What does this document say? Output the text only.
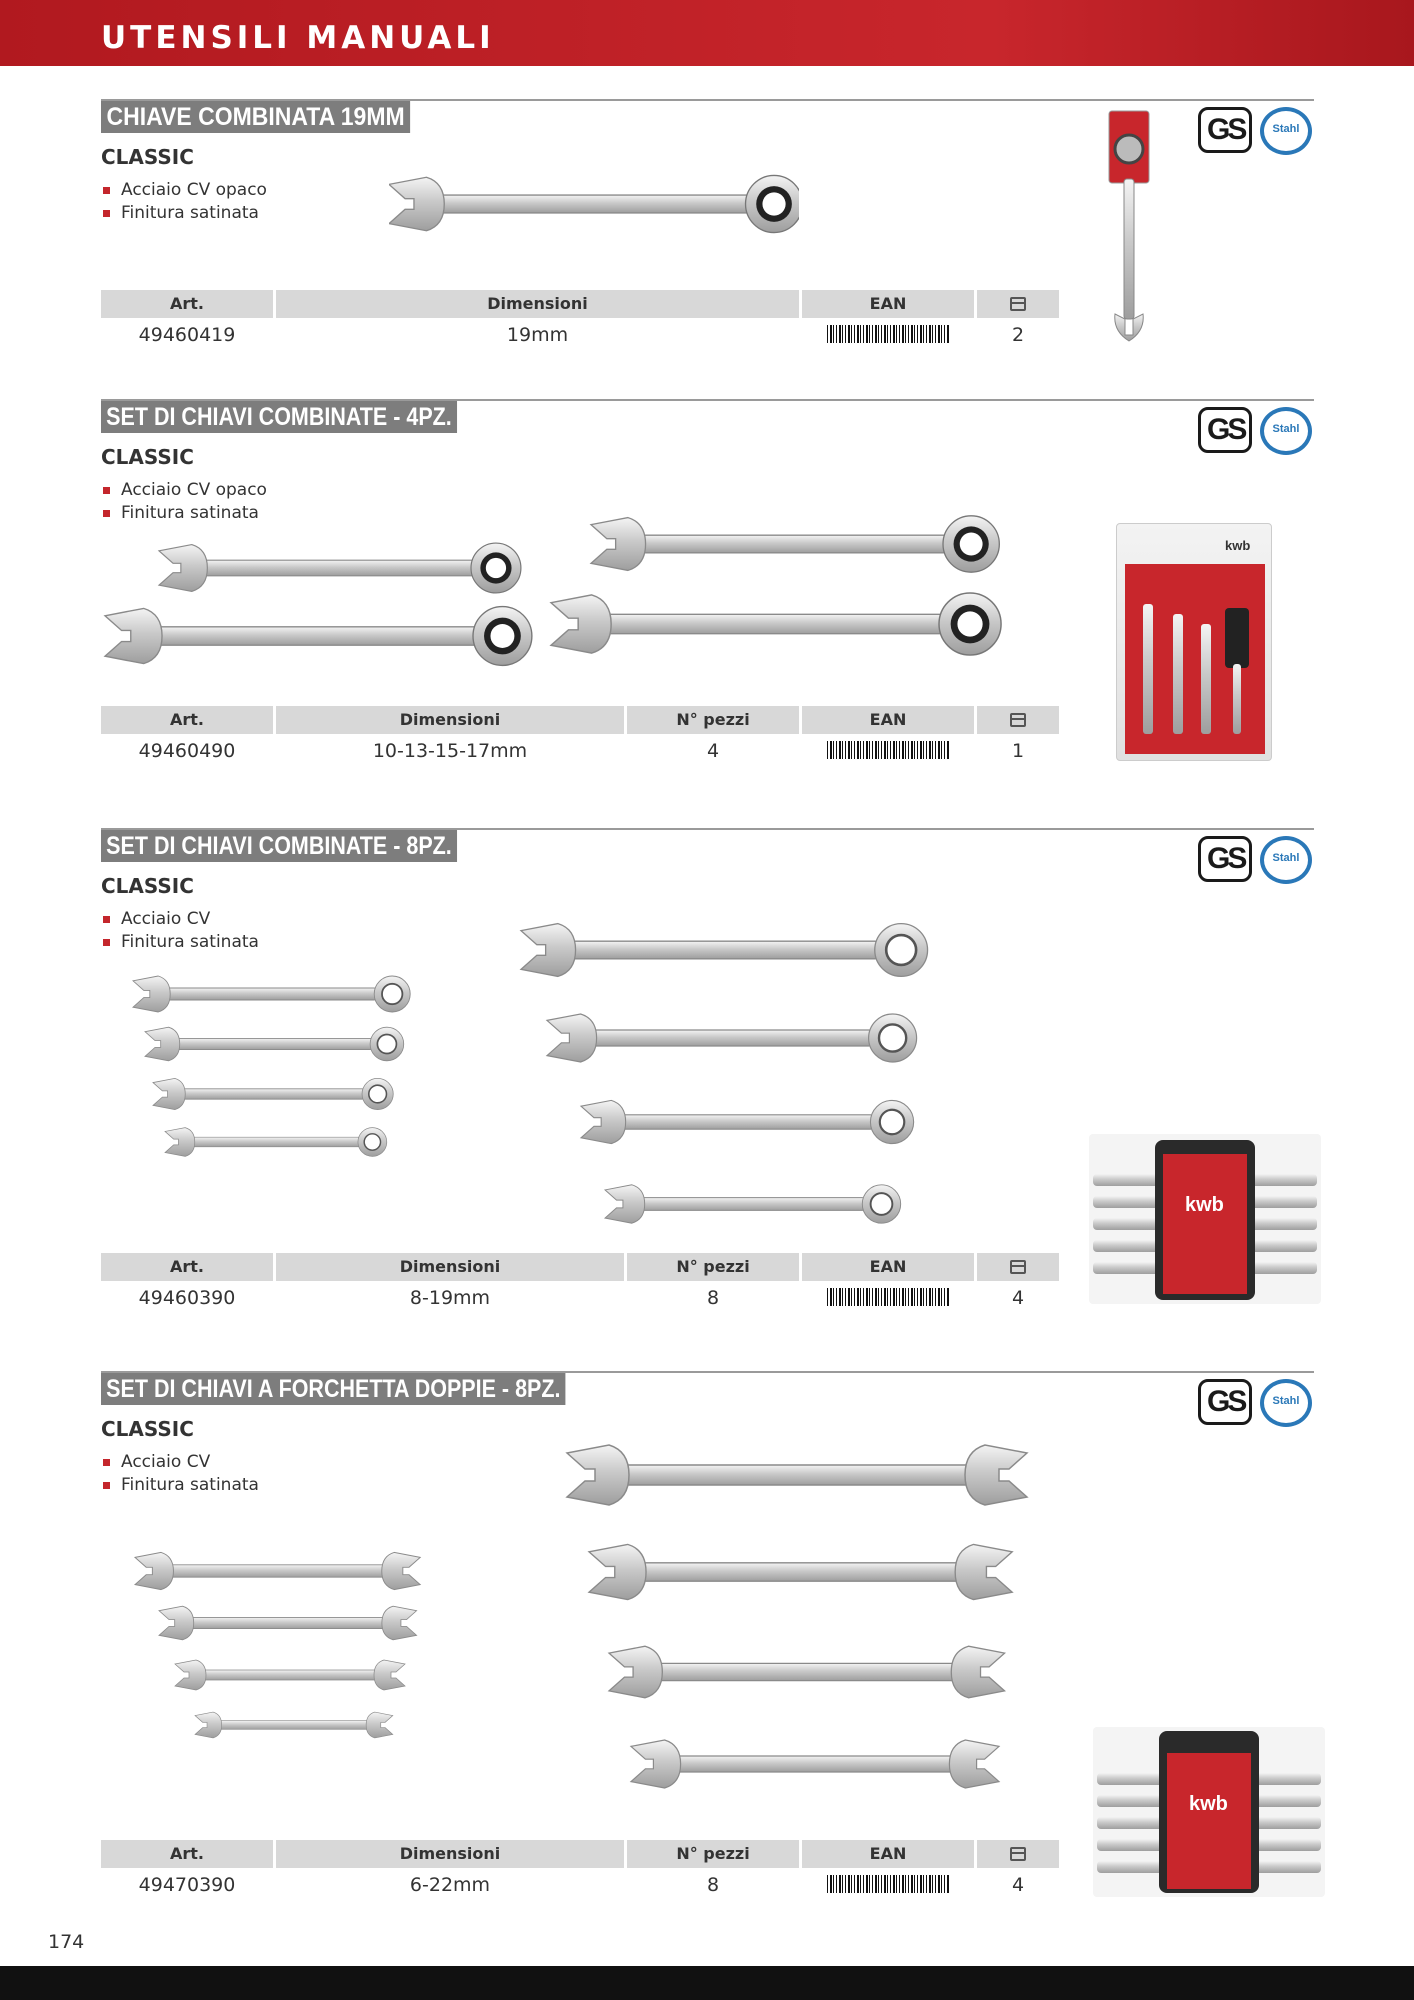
UTENSILI MANUALI
CHIAVE COMBINATA 19MM
CLASSIC
Acciaio CV opaco
Finitura satinata
GS	Stahl
Art.	Dimensioni	EAN
49460419	19mm	2
SET DI CHIAVI COMBINATE - 4PZ.
CLASSIC
Acciaio CV opaco
Finitura satinata
GS	Stahl
kwb
Art.	Dimensioni	N° pezzi	EAN
49460490	10-13-15-17mm	4	1
SET DI CHIAVI COMBINATE - 8PZ.
CLASSIC
Acciaio CV
Finitura satinata
GS	Stahl
kwb
Art.	Dimensioni	N° pezzi	EAN
49460390	8-19mm	8	4
SET DI CHIAVI A FORCHETTA DOPPIE - 8PZ.
CLASSIC
Acciaio CV
Finitura satinata
GS	Stahl
kwb
Art.	Dimensioni	N° pezzi	EAN
49470390	6-22mm	8	4
174
